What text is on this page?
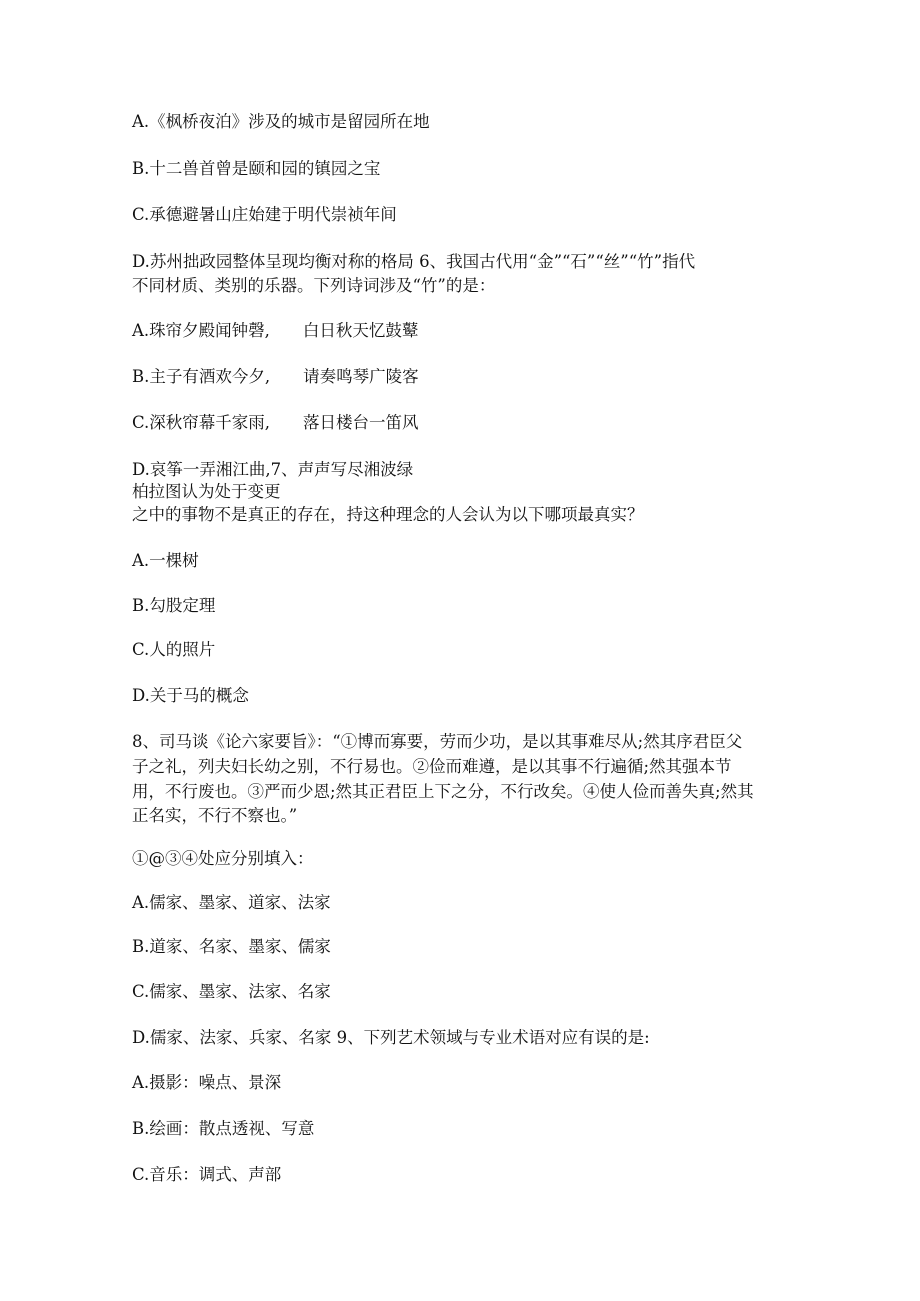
A.《枫桥夜泊》涉及的城市是留园所在地

B.十二兽首曾是颐和园的镇园之宝

C.承德避暑山庄始建于明代崇祯年间

D.苏州拙政园整体呈现均衡对称的格局 6、我国古代用“金”“石”“丝”“竹”指代

不同材质、类别的乐器。下列诗词涉及“竹”的是：

A.珠帘夕殿闻钟磬,　　白日秋天忆鼓鼙

B.主子有酒欢今夕,　　请奏鸣琴广陵客

C.深秋帘幕千家雨,　　落日楼台一笛风

D.哀筝一弄湘江曲,7、声声写尽湘波绿

柏拉图认为处于变更

之中的事物不是真正的存在，持这种理念的人会认为以下哪项最真实？

A.一棵树

B.勾股定理

C.人的照片

D.关于马的概念

8、司马谈《论六家要旨》：“①博而寡要，劳而少功，是以其事难尽从;然其序君臣父

子之礼，列夫妇长幼之别，不行易也。②俭而难遵，是以其事不行遍循;然其强本节

用，不行废也。③严而少恩;然其正君臣上下之分，不行改矣。④使人俭而善失真;然其

正名实，不行不察也。”

①@③④处应分别填入：

A.儒家、墨家、道家、法家

B.道家、名家、墨家、儒家

C.儒家、墨家、法家、名家

D.儒家、法家、兵家、名家 9、下列艺术领域与专业术语对应有误的是:

A.摄影：噪点、景深

B.绘画：散点透视、写意

C.音乐：调式、声部
